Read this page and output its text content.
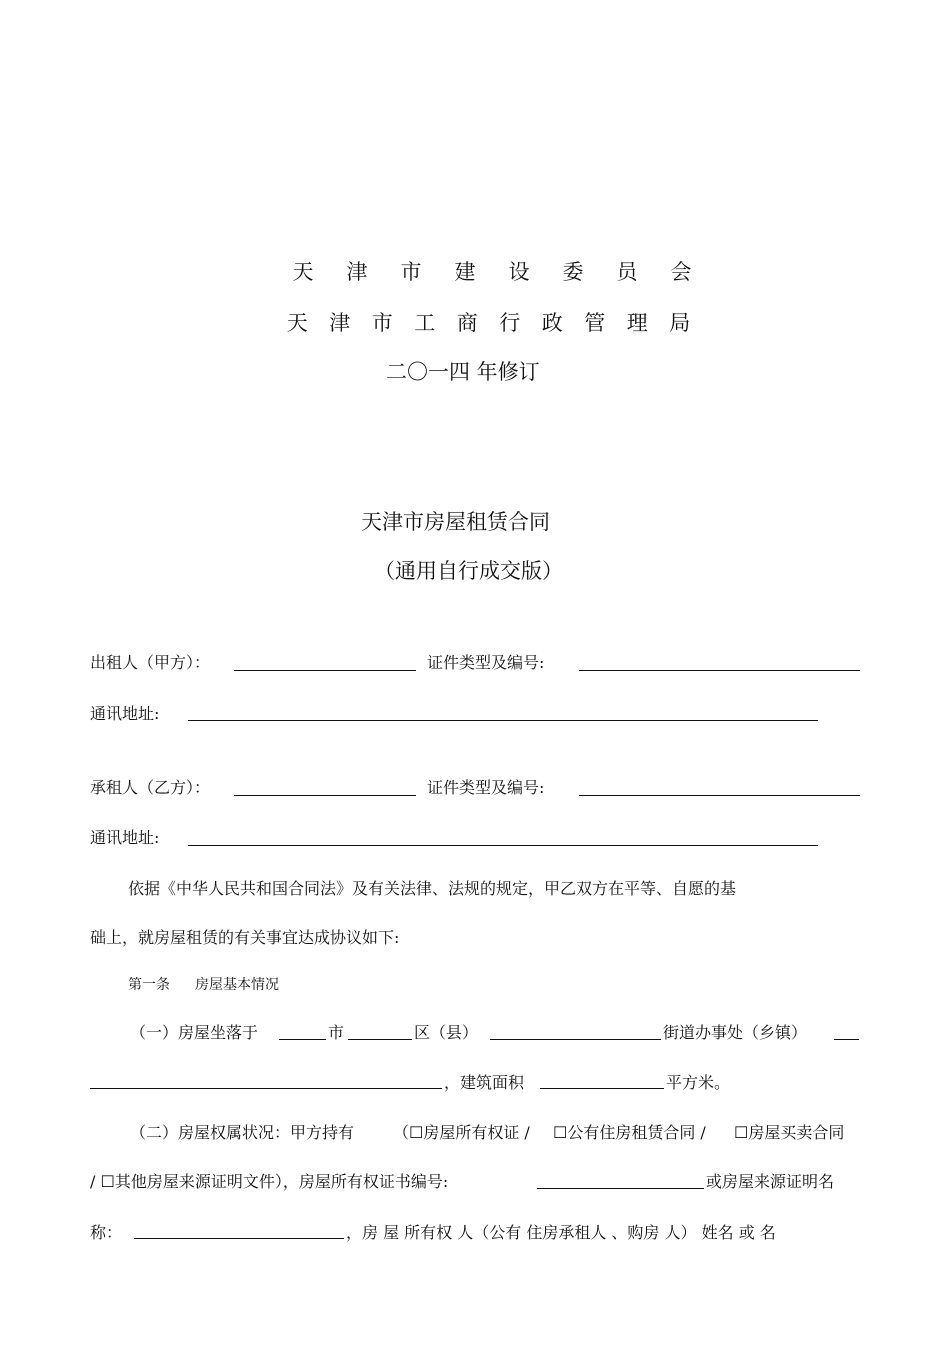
天 津 市 建 设 委 员 会
天 津 市 工 商 行 政 管 理 局
二〇一四 年修订
天津市房屋租赁合同
（通用自行成交版）
出租人（甲方）：	证件类型及编号:
通讯地址:
承租人（乙方）：	证件类型及编号:
通讯地址:
依据《中华人民共和国合同法》及有关法律、法规的规定，甲乙双方在平等、自愿的基
础上，就房屋租赁的有关事宜达成协议如下:
第一条 房屋基本情况
（一）房屋坐落于	市	区（县）	街道办事处（乡镇）
，建筑面积	平方米。
（二）房屋权属状况：甲方持有 （☐房屋所有权证 / ☐公有住房租赁合同 / ☐房屋买卖合同
/ ☐其他房屋来源证明文件），房屋所有权证书编号:	或房屋来源证明名
称：	，房 屋 所有权 人（公有 住房承租人 、购房 人） 姓名 或 名
